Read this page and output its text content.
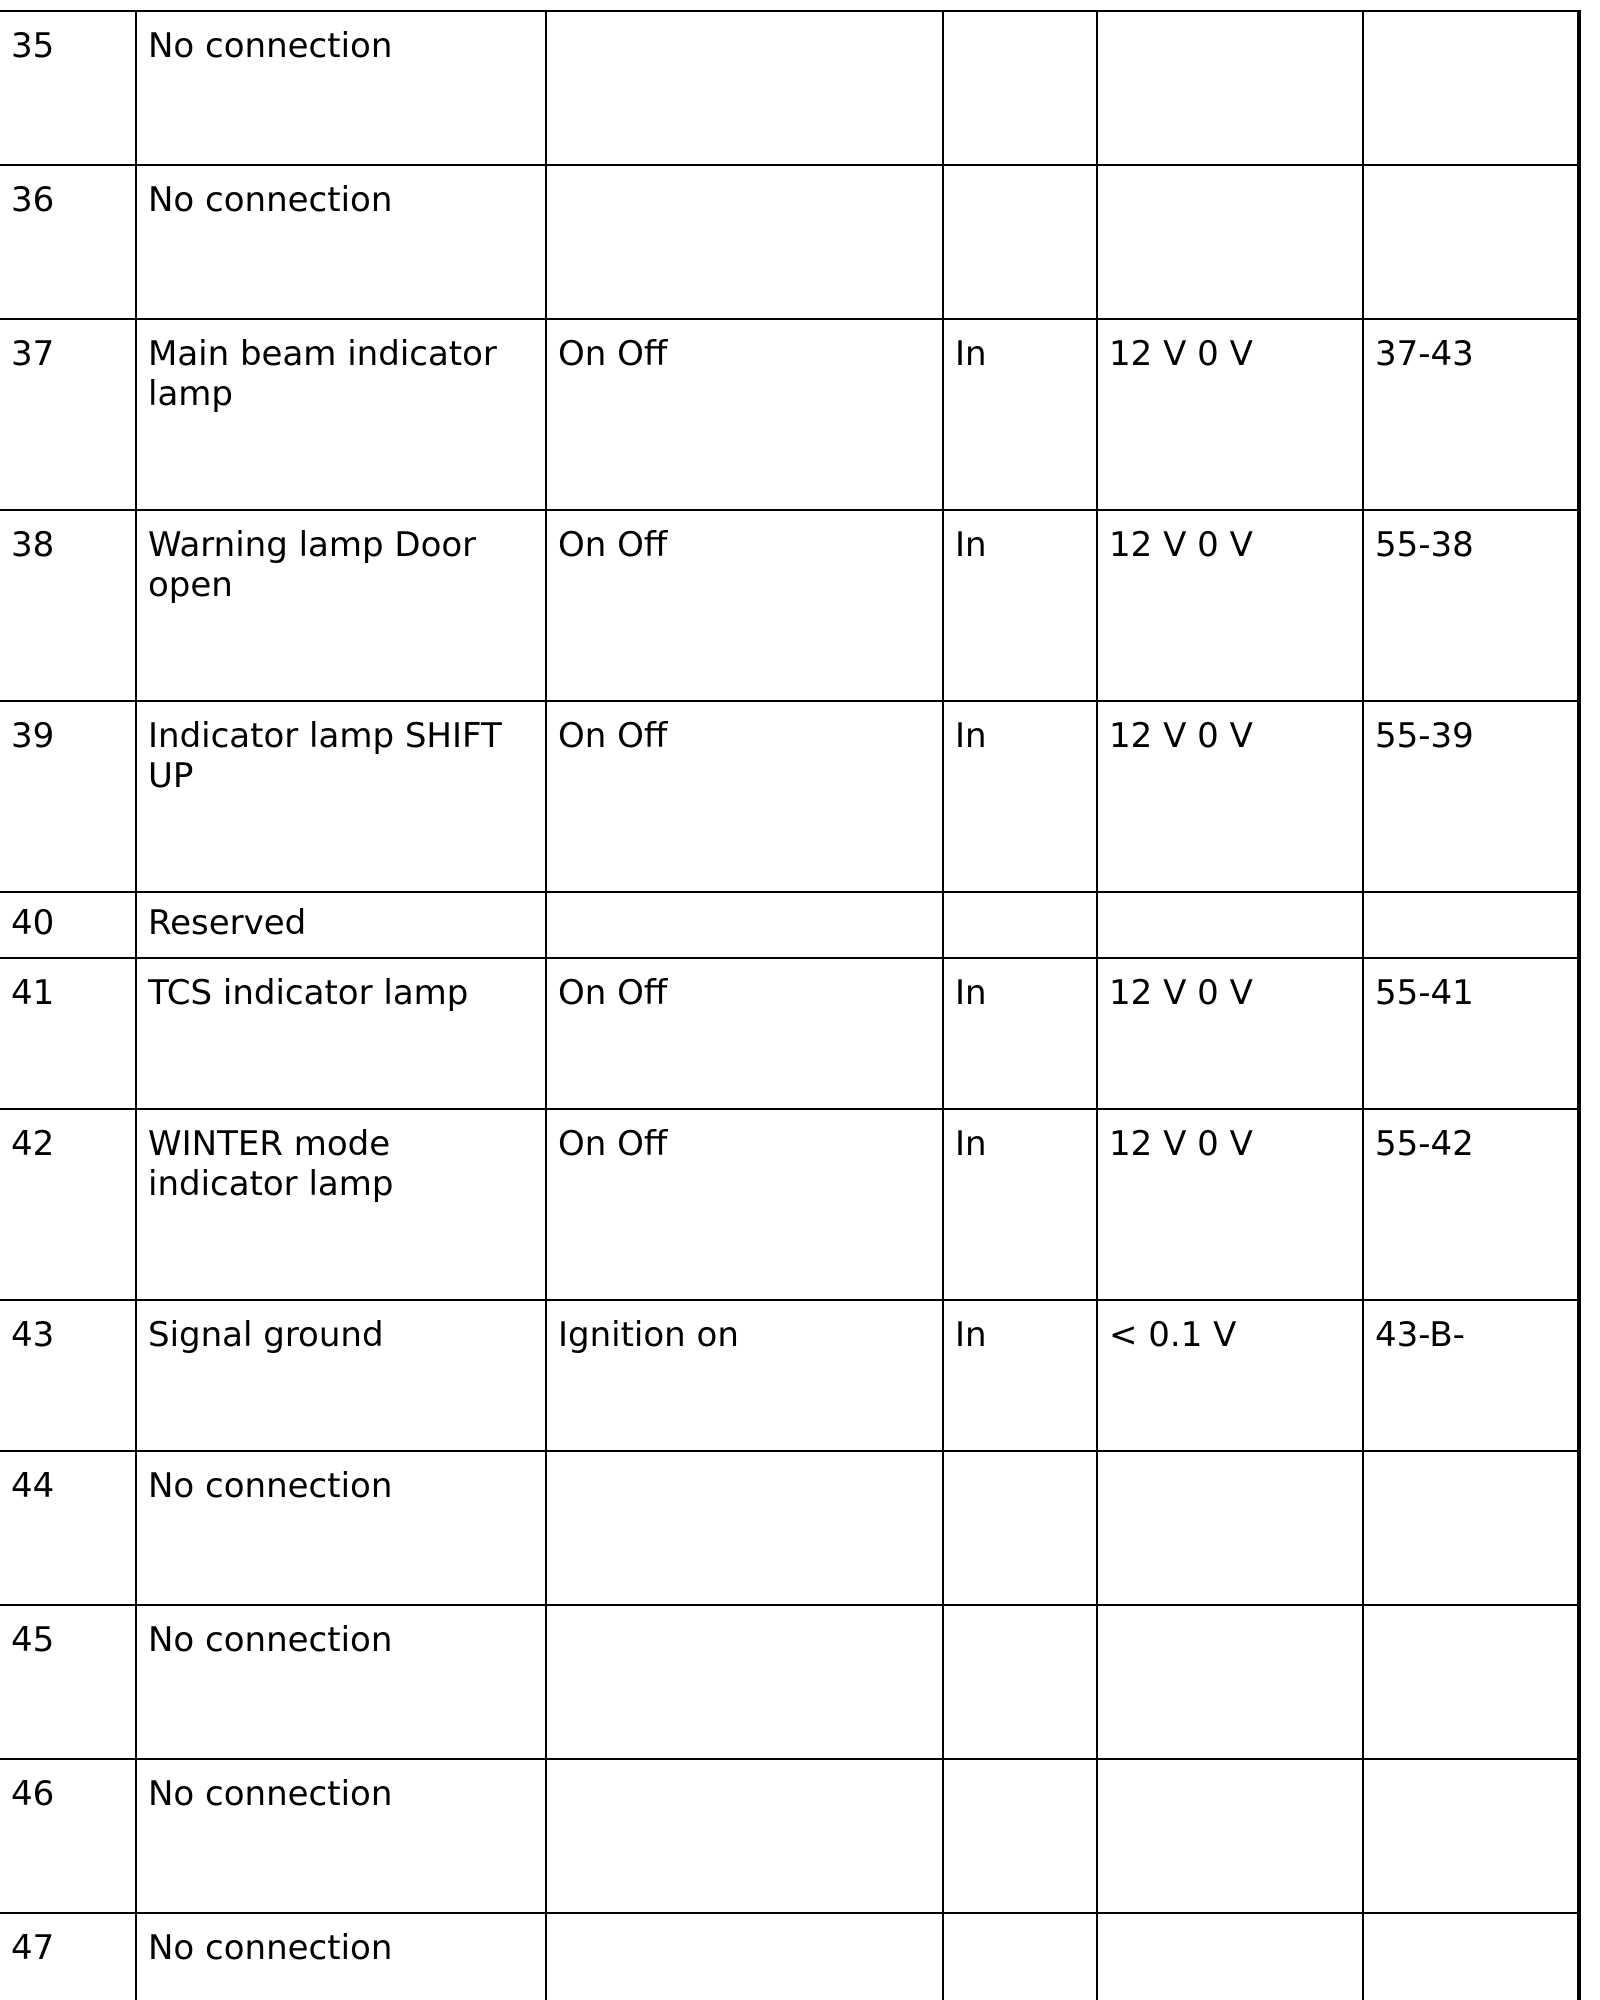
35	No connection				
36	No connection				
37	Main beam indicator lamp	On Off	In	12 V 0 V	37-43
38	Warning lamp Door open	On Off	In	12 V 0 V	55-38
39	Indicator lamp SHIFT UP	On Off	In	12 V 0 V	55-39
40	Reserved				
41	TCS indicator lamp	On Off	In	12 V 0 V	55-41
42	WINTER mode indicator lamp	On Off	In	12 V 0 V	55-42
43	Signal ground	Ignition on	In	< 0.1 V	43-B-
44	No connection				
45	No connection				
46	No connection				
47	No connection				
